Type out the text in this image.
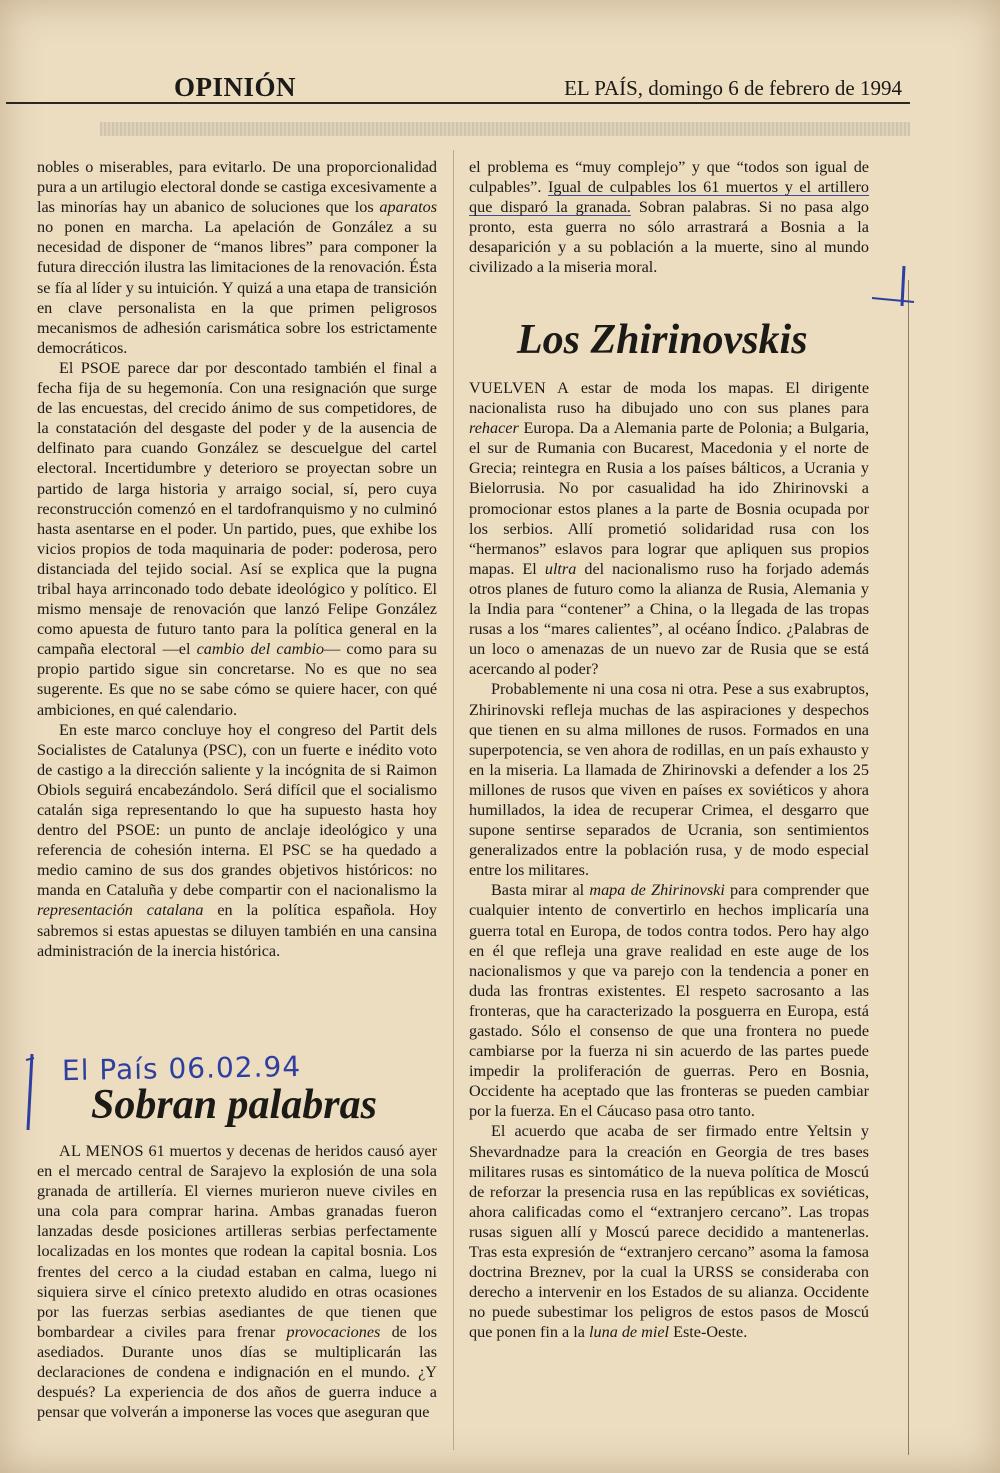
OPINIÓN	EL PAÍS, domingo 6 de febrero de 1994

nobles o miserables, para evitarlo. De una proporcionalidad pura a un artilugio electoral donde se castiga excesivamente a las minorías hay un abanico de soluciones que los aparatos no ponen en marcha. La apelación de González a su necesidad de disponer de “manos libres” para componer la futura dirección ilustra las limitaciones de la renovación. Ésta se fía al líder y su intuición. Y quizá a una etapa de transición en clave personalista en la que primen peligrosos mecanismos de adhesión carismática sobre los estrictamente democráticos.

El PSOE parece dar por descontado también el final a fecha fija de su hegemonía. Con una resignación que surge de las encuestas, del crecido ánimo de sus competidores, de la constatación del desgaste del poder y de la ausencia de delfinato para cuando González se descuelgue del cartel electoral. Incertidumbre y deterioro se proyectan sobre un partido de larga historia y arraigo social, sí, pero cuya reconstrucción comenzó en el tardofranquismo y no culminó hasta asentarse en el poder. Un partido, pues, que exhibe los vicios propios de toda maquinaria de poder: poderosa, pero distanciada del tejido social. Así se explica que la pugna tribal haya arrinconado todo debate ideológico y político. El mismo mensaje de renovación que lanzó Felipe González como apuesta de futuro tanto para la política general en la campaña electoral —el cambio del cambio— como para su propio partido sigue sin concretarse. No es que no sea sugerente. Es que no se sabe cómo se quiere hacer, con qué ambiciones, en qué calendario.

En este marco concluye hoy el congreso del Partit dels Socialistes de Catalunya (PSC), con un fuerte e inédito voto de castigo a la dirección saliente y la incógnita de si Raimon Obiols seguirá encabezándolo. Será difícil que el socialismo catalán siga representando lo que ha supuesto hasta hoy dentro del PSOE: un punto de anclaje ideológico y una referencia de cohesión interna. El PSC se ha quedado a medio camino de sus dos grandes objetivos históricos: no manda en Cataluña y debe compartir con el nacionalismo la representación catalana en la política española. Hoy sabremos si estas apuestas se diluyen también en una cansina administración de la inercia histórica.

El País 06.02.94
Sobran palabras

AL MENOS 61 muertos y decenas de heridos causó ayer en el mercado central de Sarajevo la explosión de una sola granada de artillería. El viernes murieron nueve civiles en una cola para comprar harina. Ambas granadas fueron lanzadas desde posiciones artilleras serbias perfectamente localizadas en los montes que rodean la capital bosnia. Los frentes del cerco a la ciudad estaban en calma, luego ni siquiera sirve el cínico pretexto aludido en otras ocasiones por las fuerzas serbias asediantes de que tienen que bombardear a civiles para frenar provocaciones de los asediados. Durante unos días se multiplicarán las declaraciones de condena e indignación en el mundo. ¿Y después? La experiencia de dos años de guerra induce a pensar que volverán a imponerse las voces que aseguran que

el problema es “muy complejo” y que “todos son igual de culpables”. Igual de culpables los 61 muertos y el artillero que disparó la granada. Sobran palabras. Si no pasa algo pronto, esta guerra no sólo arrastrará a Bosnia a la desaparición y a su población a la muerte, sino al mundo civilizado a la miseria moral.

Los Zhirinovskis

VUELVEN A estar de moda los mapas. El dirigente nacionalista ruso ha dibujado uno con sus planes para rehacer Europa. Da a Alemania parte de Polonia; a Bulgaria, el sur de Rumania con Bucarest, Macedonia y el norte de Grecia; reintegra en Rusia a los países bálticos, a Ucrania y Bielorrusia. No por casualidad ha ido Zhirinovski a promocionar estos planes a la parte de Bosnia ocupada por los serbios. Allí prometió solidaridad rusa con los “hermanos” eslavos para lograr que apliquen sus propios mapas. El ultra del nacionalismo ruso ha forjado además otros planes de futuro como la alianza de Rusia, Alemania y la India para “contener” a China, o la llegada de las tropas rusas a los “mares calientes”, al océano Índico. ¿Palabras de un loco o amenazas de un nuevo zar de Rusia que se está acercando al poder?

Probablemente ni una cosa ni otra. Pese a sus exabruptos, Zhirinovski refleja muchas de las aspiraciones y despechos que tienen en su alma millones de rusos. Formados en una superpotencia, se ven ahora de rodillas, en un país exhausto y en la miseria. La llamada de Zhirinovski a defender a los 25 millones de rusos que viven en países ex soviéticos y ahora humillados, la idea de recuperar Crimea, el desgarro que supone sentirse separados de Ucrania, son sentimientos generalizados entre la población rusa, y de modo especial entre los militares.

Basta mirar al mapa de Zhirinovski para comprender que cualquier intento de convertirlo en hechos implicaría una guerra total en Europa, de todos contra todos. Pero hay algo en él que refleja una grave realidad en este auge de los nacionalismos y que va parejo con la tendencia a poner en duda las frontras existentes. El respeto sacrosanto a las fronteras, que ha caracterizado la posguerra en Europa, está gastado. Sólo el consenso de que una frontera no puede cambiarse por la fuerza ni sin acuerdo de las partes puede impedir la proliferación de guerras. Pero en Bosnia, Occidente ha aceptado que las fronteras se pueden cambiar por la fuerza. En el Cáucaso pasa otro tanto.

El acuerdo que acaba de ser firmado entre Yeltsin y Shevardnadze para la creación en Georgia de tres bases militares rusas es sintomático de la nueva política de Moscú de reforzar la presencia rusa en las repúblicas ex soviéticas, ahora calificadas como el “extranjero cercano”. Las tropas rusas siguen allí y Moscú parece decidido a mantenerlas. Tras esta expresión de “extranjero cercano” asoma la famosa doctrina Breznev, por la cual la URSS se consideraba con derecho a intervenir en los Estados de su alianza. Occidente no puede subestimar los peligros de estos pasos de Moscú que ponen fin a la luna de miel Este-Oeste.
